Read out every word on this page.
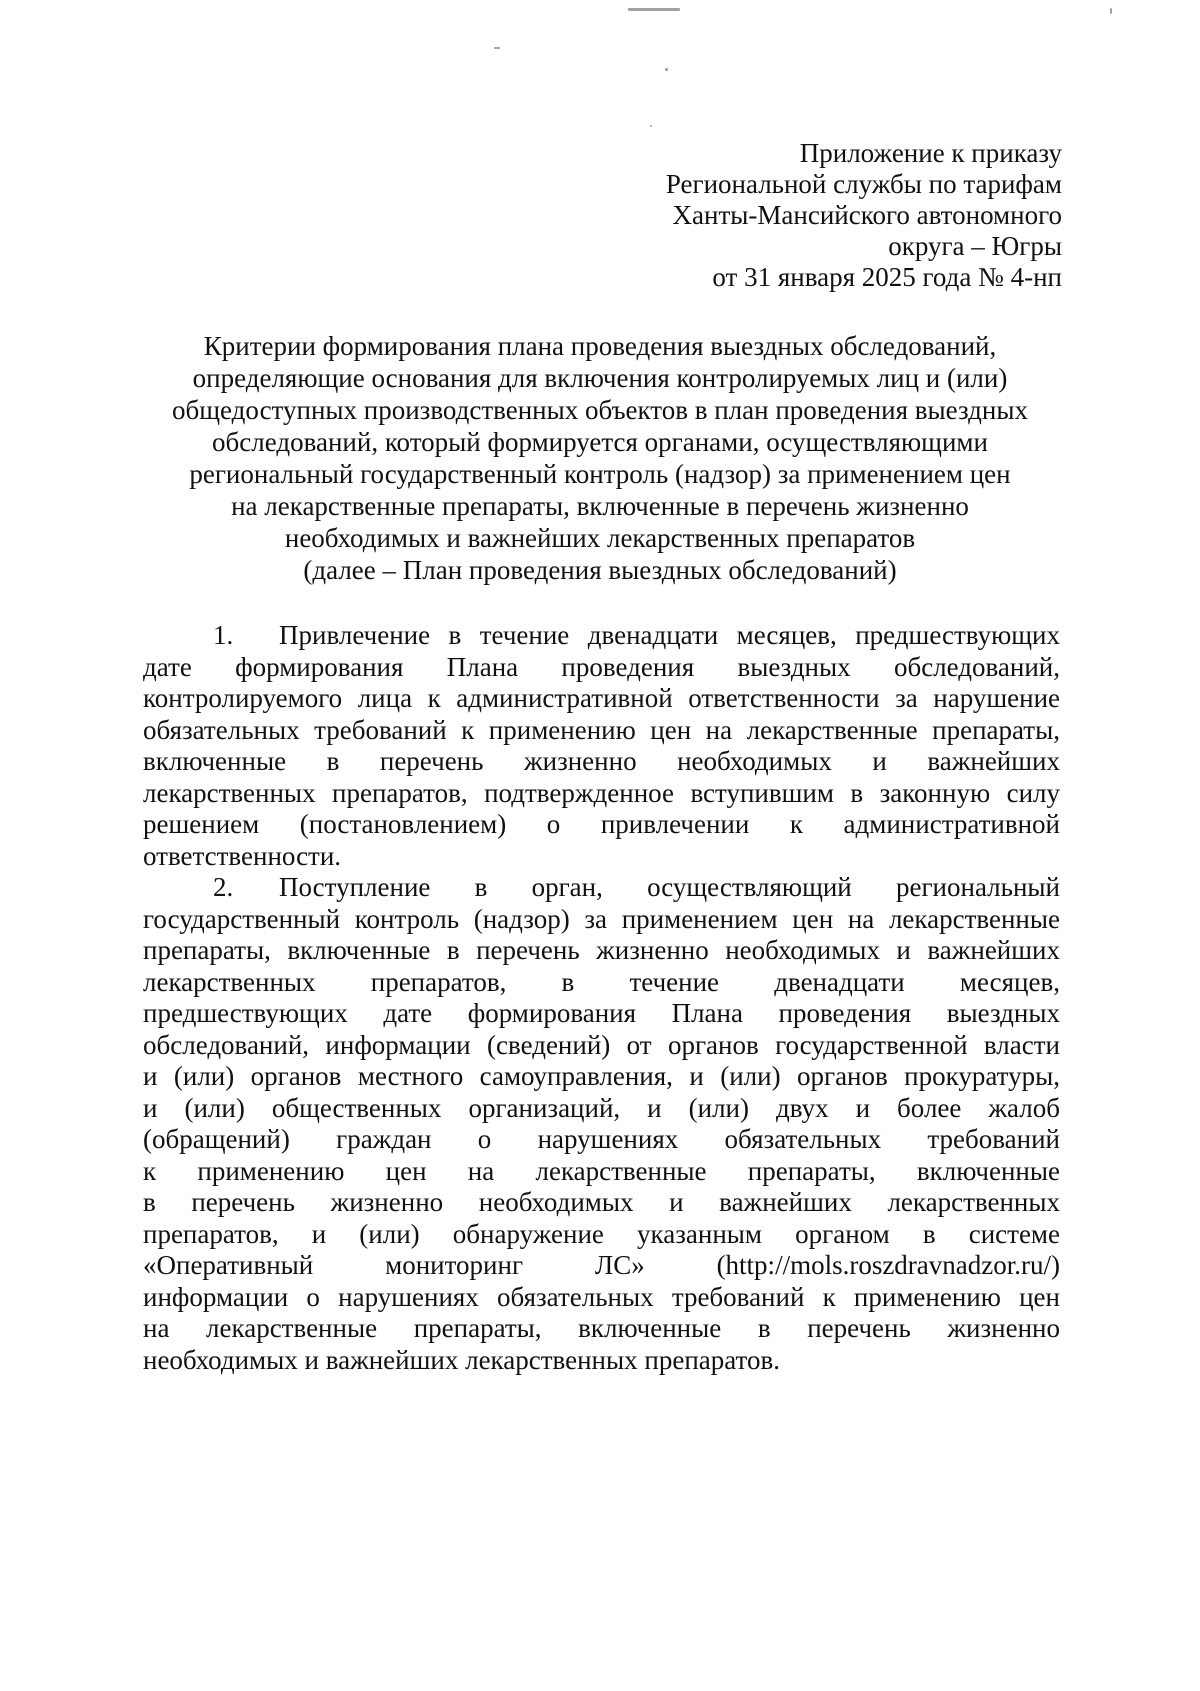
Приложение к приказу
Региональной службы по тарифам
Ханты-Мансийского автономного
округа – Югры
от 31 января 2025 года № 4-нп
Критерии формирования плана проведения выездных обследований,
определяющие основания для включения контролируемых лиц и (или)
общедоступных производственных объектов в план проведения выездных
обследований, который формируется органами, осуществляющими
региональный государственный контроль (надзор) за применением цен
на лекарственные препараты, включенные в перечень жизненно
необходимых и важнейших лекарственных препаратов
(далее – План проведения выездных обследований)
1. Привлечение в течение двенадцати месяцев, предшествующих
дате формирования Плана проведения выездных обследований,
контролируемого лица к административной ответственности за нарушение
обязательных требований к применению цен на лекарственные препараты,
включенные в перечень жизненно необходимых и важнейших
лекарственных препаратов, подтвержденное вступившим в законную силу
решением (постановлением) о привлечении к административной
ответственности.
2. Поступление в орган, осуществляющий региональный
государственный контроль (надзор) за применением цен на лекарственные
препараты, включенные в перечень жизненно необходимых и важнейших
лекарственных препаратов, в течение двенадцати месяцев,
предшествующих дате формирования Плана проведения выездных
обследований, информации (сведений) от органов государственной власти
и (или) органов местного самоуправления, и (или) органов прокуратуры,
и (или) общественных организаций, и (или) двух и более жалоб
(обращений) граждан о нарушениях обязательных требований
к применению цен на лекарственные препараты, включенные
в перечень жизненно необходимых и важнейших лекарственных
препаратов, и (или) обнаружение указанным органом в системе
«Оперативный мониторинг ЛС» (http://mols.roszdravnadzor.ru/)
информации о нарушениях обязательных требований к применению цен
на лекарственные препараты, включенные в перечень жизненно
необходимых и важнейших лекарственных препаратов.
